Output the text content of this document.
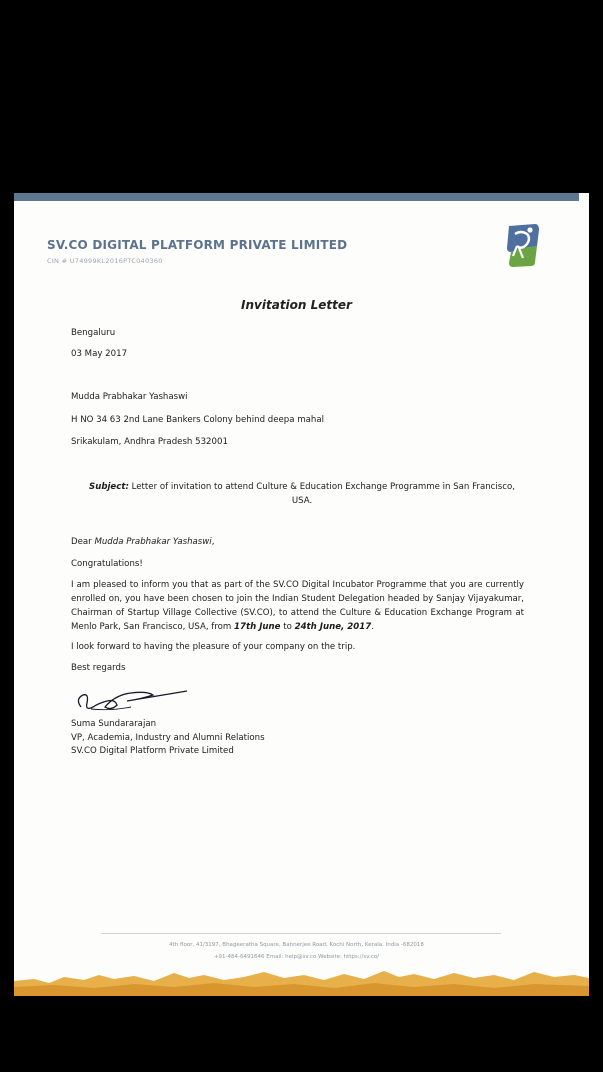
SV.CO DIGITAL PLATFORM PRIVATE LIMITED
CIN # U74999KL2016PTC040360
Invitation Letter
Bengaluru
03 May 2017
Mudda Prabhakar Yashaswi
H NO 34 63 2nd Lane Bankers Colony behind deepa mahal
Srikakulam, Andhra Pradesh 532001
Subject: Letter of invitation to attend Culture & Education Exchange Programme in San Francisco, USA.
Dear Mudda Prabhakar Yashaswi,
Congratulations!
I am pleased to inform you that as part of the SV.CO Digital Incubator Programme that you are currently enrolled on, you have been chosen to join the Indian Student Delegation headed by Sanjay Vijayakumar, Chairman of Startup Village Collective (SV.CO), to attend the Culture & Education Exchange Program at Menlo Park, San Francisco, USA, from 17th June to 24th June, 2017.
I look forward to having the pleasure of your company on the trip.
Best regards
Suma Sundararajan
VP, Academia, Industry and Alumni Relations
SV.CO Digital Platform Private Limited
4th floor, 41/3197, Bhageeratha Square, Bannerjee Road, Kochi North, Kerala, India -682018
+91-484-6491646 Email: help@sv.co Website: https://sv.co/
